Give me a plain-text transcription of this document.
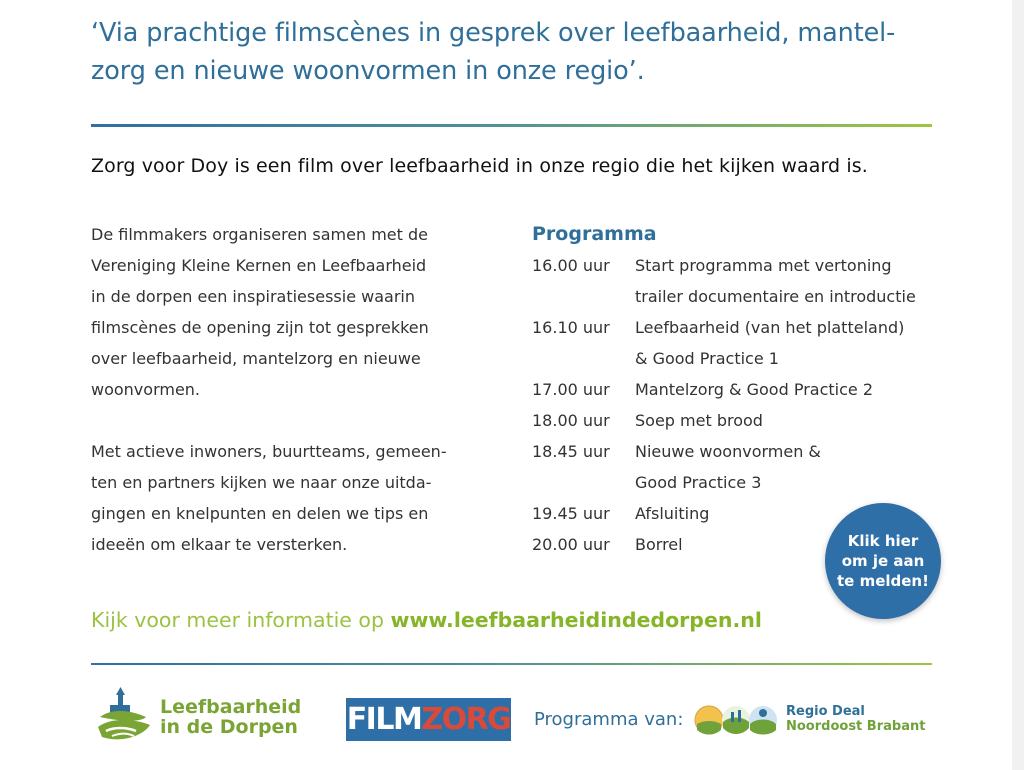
‘Via prachtige filmscènes in gesprek over leefbaarheid, mantel-
zorg en nieuwe woonvormen in onze regio’.
Zorg voor Doy is een film over leefbaarheid in onze regio die het kijken waard is.

De filmmakers organiseren samen met de
Vereniging Kleine Kernen en Leefbaarheid
in de dorpen een inspiratiesessie waarin
filmscènes de opening zijn tot gesprekken
over leefbaarheid, mantelzorg en nieuwe
woonvormen.

Met actieve inwoners, buurtteams, gemeen-
ten en partners kijken we naar onze uitda-
gingen en knelpunten en delen we tips en
ideeën om elkaar te versterken.

Programma
16.00 uur	Start programma met vertoning
trailer documentaire en introductie
16.10 uur	Leefbaarheid (van het platteland)
& Good Practice 1
17.00 uur	Mantelzorg & Good Practice 2
18.00 uur	Soep met brood
18.45 uur	Nieuwe woonvormen &
Good Practice 3
19.45 uur	Afsluiting
20.00 uur	Borrel	Klik hier
om je aan
te melden!
Kijk voor meer informatie op www.leefbaarheidindedorpen.nl
Leefbaarheid
in de Dorpen FILMZORG Programma van:	Regio Deal
Noordoost Brabant
